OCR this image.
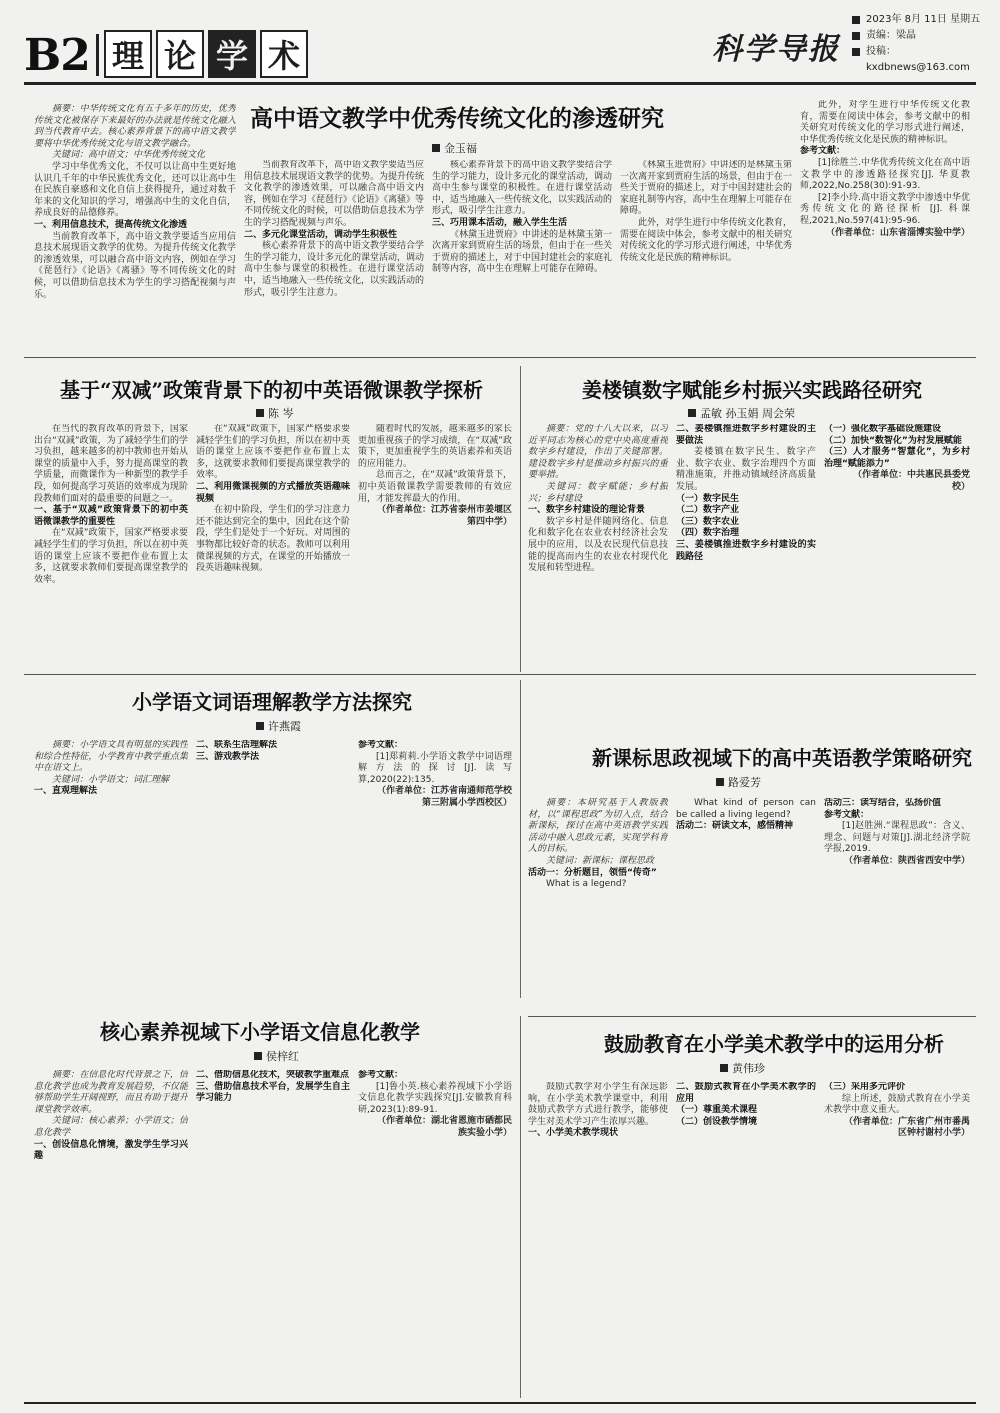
B2 理 论 学 术	科学导报
2023年 8月 11日 星期五
责编：梁晶
投稿：kxdbnews@163.com
高中语文教学中优秀传统文化的渗透研究
金玉福

摘要：中华传统文化有五千多年的历史，优秀传统文化被保存下来最好的办法就是传统文化融入到当代教育中去。核心素养背景下的高中语文教学要将中华优秀传统文化与语文教学融合。

关键词：高中语文；中华优秀传统文化

学习中华优秀文化，不仅可以让高中生更好地认识几千年的中华民族优秀文化，还可以让高中生在民族自豪感和文化自信上获得提升，通过对数千年来的文化知识的学习，增强高中生的文化自信，养成良好的品德修养。

一、利用信息技术，提高传统文化渗透

当前教育改革下，高中语文教学要适当应用信息技术展现语文教学的优势。为提升传统文化教学的渗透效果，可以融合高中语文内容，例如在学习《琵琶行》《论语》《离骚》等不同传统文化的时候，可以借助信息技术为学生的学习搭配视频与声乐。

当前教育改革下，高中语文教学要适当应用信息技术展现语文教学的优势。为提升传统文化教学的渗透效果，可以融合高中语文内容，例如在学习《琵琶行》《论语》《离骚》等不同传统文化的时候，可以借助信息技术为学生的学习搭配视频与声乐。

二、多元化课堂活动，调动学生积极性

核心素养背景下的高中语文教学要结合学生的学习能力，设计多元化的课堂活动，调动高中生参与课堂的积极性。在进行课堂活动中，适当地融入一些传统文化，以实践活动的形式，吸引学生注意力。

核心素养背景下的高中语文教学要结合学生的学习能力，设计多元化的课堂活动，调动高中生参与课堂的积极性。在进行课堂活动中，适当地融入一些传统文化，以实践活动的形式，吸引学生注意力。

三、巧用课本活动，融入学生生活

《林黛玉进贾府》中讲述的是林黛玉第一次离开家到贾府生活的场景，但由于在一些关于贾府的描述上，对于中国封建社会的家庭礼制等内容，高中生在理解上可能存在障碍。

《林黛玉进贾府》中讲述的是林黛玉第一次离开家到贾府生活的场景，但由于在一些关于贾府的描述上，对于中国封建社会的家庭礼制等内容，高中生在理解上可能存在障碍。

此外，对学生进行中华传统文化教育，需要在阅读中体会，参考文献中的相关研究对传统文化的学习形式进行阐述，中华优秀传统文化是民族的精神标识。

此外，对学生进行中华传统文化教育，需要在阅读中体会，参考文献中的相关研究对传统文化的学习形式进行阐述，中华优秀传统文化是民族的精神标识。

参考文献：

[1]徐胜兰.中华优秀传统文化在高中语文教学中的渗透路径探究[J]. 华夏教师,2022,No.258(30):91-93.

[2]李小玲.高中语文教学中渗透中华优秀传统文化的路径探析 [J]. 科课程,2021,No.597(41):95-96.

（作者单位：山东省淄博实验中学）

基于“双减”政策背景下的初中英语微课教学探析
陈 岑

在当代的教育改革的背景下，国家出台“双减”政策，为了减轻学生们的学习负担，越来越多的初中教师也开始从课堂的质量中入手，努力提高课堂的教学质量，而微课作为一种新型的教学手段，如何提高学习英语的效率成为现阶段教师们面对的最重要的问题之一。

一、基于“双减”政策背景下的初中英语微课教学的重要性

在“双减”政策下，国家严格要求要减轻学生们的学习负担，所以在初中英语的课堂上应该不要把作业布置上太多，这就要求教师们要提高课堂教学的效率。

在“双减”政策下，国家严格要求要减轻学生们的学习负担，所以在初中英语的课堂上应该不要把作业布置上太多，这就要求教师们要提高课堂教学的效率。

二、利用微课视频的方式播放英语趣味视频

在初中阶段，学生们的学习注意力还不能达到完全的集中，因此在这个阶段，学生们是处于一个好玩、对周围的事物都比较好奇的状态。教师可以利用微课视频的方式，在课堂的开始播放一段英语趣味视频。

随着时代的发展，越来越多的家长更加重视孩子的学习成绩，在“双减”政策下，更加重视学生的英语素养和英语的应用能力。

总而言之，在“双减”政策背景下，初中英语微课教学需要教师的有效应用，才能发挥最大的作用。

（作者单位：江苏省泰州市姜堰区第四中学）

姜楼镇数字赋能乡村振兴实践路径研究
孟敏 孙玉娟 周会荣

摘要：党的十八大以来，以习近平同志为核心的党中央高度重视数字乡村建设，作出了关键部署。建设数字乡村是推动乡村振兴的重要举措。

关键词：数字赋能；乡村振兴；乡村建设

一、数字乡村建设的理论背景

数字乡村是伴随网络化、信息化和数字化在农业农村经济社会发展中的应用，以及农民现代信息技能的提高而内生的农业农村现代化发展和转型进程。

二、姜楼镇推进数字乡村建设的主要做法

姜楼镇在数字民生、数字产业、数字农业、数字治理四个方面精准施策，并推动镇域经济高质量发展。

（一）数字民生

（二）数字产业

（三）数字农业

（四）数字治理

三、姜楼镇推进数字乡村建设的实践路径

（一）强化数字基础设施建设

（二）加快“数智化”为村发展赋能

（三）人才服务“智慧化”，为乡村治理“赋能添力”

（作者单位：中共惠民县委党校）

小学语文词语理解教学方法探究
许燕霞

摘要：小学语文具有明显的实践性和综合性特征，小学教育中教学重点集中在语文上。

关键词：小学语文；词汇理解

一、直观理解法

二、联系生活理解法

三、游戏教学法

参考文献：

[1]郑莉莉.小学语文教学中词语理解方法的探讨[J].读写算,2020(22):135.

（作者单位：江苏省南通师范学校第三附属小学西校区）

新课标思政视域下的高中英语教学策略研究
路爱芳

摘要：本研究基于人教版教材，以“课程思政”为切入点，结合新课标，探讨在高中英语教学实践活动中融入思政元素，实现学科育人的目标。

关键词：新课标；课程思政

活动一：分析题目，领悟“传奇”

What is a legend?

What kind of person can be called a living legend?

活动二：研读文本，感悟精神

活动三：读写结合，弘扬价值

参考文献：

[1]赵胜洲.“课程思政”：含义、理念、问题与对策[J].湖北经济学院学报,2019.

（作者单位：陕西省西安中学）

核心素养视域下小学语文信息化教学
侯梓红

摘要：在信息化时代背景之下，信息化教学也成为教育发展趋势，不仅能够帮助学生开阔视野，而且有助于提升课堂教学效率。

关键词：核心素养；小学语文；信息化教学

一、创设信息化情境，激发学生学习兴趣

二、借助信息化技术，突破教学重难点

三、借助信息技术平台，发展学生自主学习能力

参考文献：

[1]鲁小英.核心素养视域下小学语文信息化教学实践探究[J].安徽教育科研,2023(1):89-91.

（作者单位：湖北省恩施市硒都民族实验小学）

鼓励教育在小学美术教学中的运用分析
黄伟珍

鼓励式教学对小学生有深远影响，在小学美术教学课堂中，利用鼓励式教学方式进行教学，能够使学生对美术学习产生浓厚兴趣。

一、小学美术教学现状

二、鼓励式教育在小学美术教学的应用

（一）尊重美术课程

（二）创设教学情境

（三）采用多元评价

综上所述，鼓励式教育在小学美术教学中意义重大。

（作者单位：广东省广州市番禺区钟村谢村小学）
